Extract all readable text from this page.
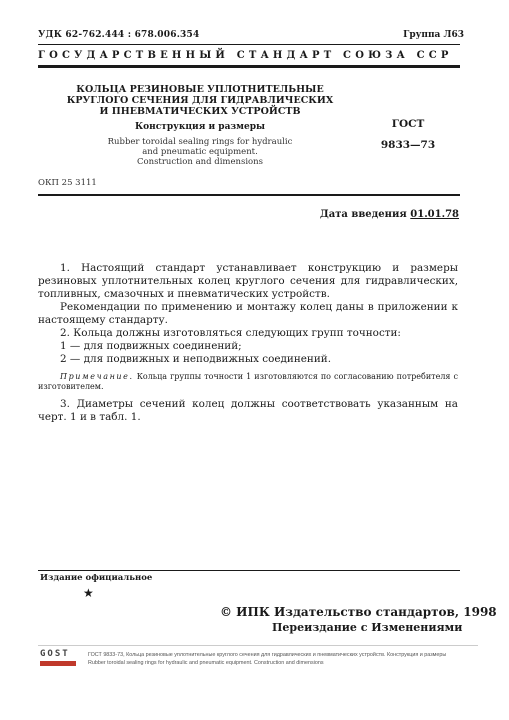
УДК 62-762.444 : 678.006.354	Группа Л63
ГОСУДАРСТВЕННЫЙ СТАНДАРТ СОЮЗА ССР
КОЛЬЦА РЕЗИНОВЫЕ УПЛОТНИТЕЛЬНЫЕ
КРУГЛОГО СЕЧЕНИЯ ДЛЯ ГИДРАВЛИЧЕСКИХ
И ПНЕВМАТИЧЕСКИХ УСТРОЙСТВ
Конструкция и размеры
Rubber toroidal sealing rings for hydraulic
and pneumatic equipment.
Construction and dimensions
ГОСТ
9833—73
ОКП 25 3111
Дата введения 01.01.78

1. Настоящий стандарт устанавливает конструкцию и размеры резиновых уплотнительных колец круглого сечения для гидравлических, топливных, смазочных и пневматических устройств.

Рекомендации по применению и монтажу колец даны в приложении к настоящему стандарту.

2. Кольца должны изготовляться следующих групп точности:

1 — для подвижных соединений;

2 — для подвижных и неподвижных соединений.

Примечание. Кольца группы точности 1 изготовляются по согласованию потребителя с изготовителем.

3. Диаметры сечений колец должны соответствовать указанным на черт. 1 и в табл. 1.

Издание официальное
★
© ИПК Издательство стандартов, 1998
Переиздание с Изменениями
GOST	ГОСТ 9833-73, Кольца резиновые уплотнительные круглого сечения для гидравлических и пневматических устройств. Конструкция и размеры
Rubber toroidal sealing rings for hydraulic and pneumatic equipment. Construction and dimensions
